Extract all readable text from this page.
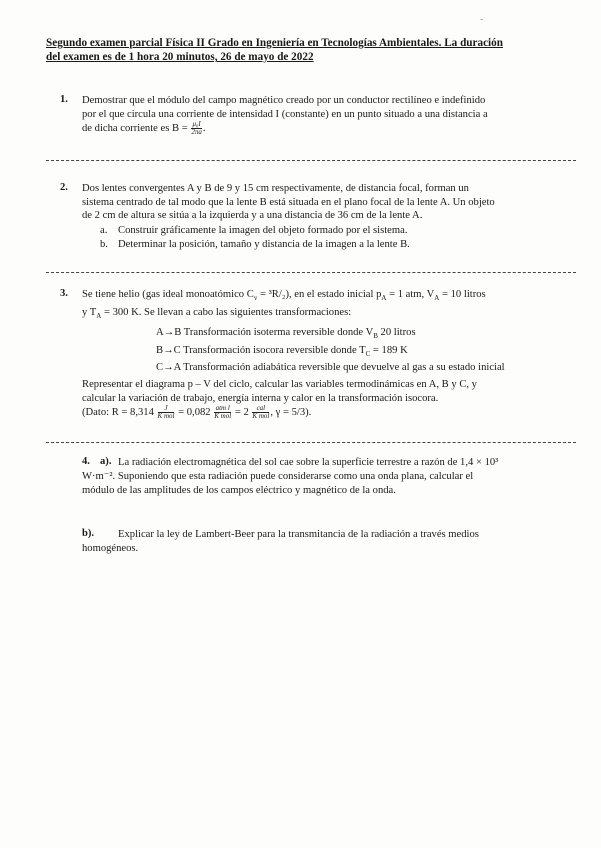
-
Segundo examen parcial Física II Grado en Ingeniería en Tecnologías Ambientales. La duración
del examen es de 1 hora 20 minutos, 26 de mayo de 2022
1. Demostrar que el módulo del campo magnético creado por un conductor rectilíneo e indefinido
por el que circula una corriente de intensidad I (constante) en un punto situado a una distancia a
de dicha corriente es $B = \frac{\text{μ₀I}}{2\pi a}$ .
2. Dos lentes convergentes A y B de 9 y 15 cm respectivamente, de distancia focal, forman un
sistema centrado de tal modo que la lente B está situada en el plano focal de la lente A. Un objeto
de 2 cm de altura se sitúa a la izquierda y a una distancia de 36 cm de la lente A.
a. Construir gráficamente la imagen del objeto formado por el sistema.
b. Determinar la posición, tamaño y distancia de la imagen a la lente B.
3. Se tiene helio (gas ideal monoatómico $C_v = ^3R/_2$), en el estado inicial $p_A = 1$ atm, $V_A = 10$ litros
y $T_A = 300$ K. Se llevan a cabo las siguientes transformaciones:
A→B Transformación isoterma reversible donde $V_B$ 20 litros
B→C Transformación isocora reversible donde $T_C = 189$ K
C→A Transformación adiabática reversible que devuelve al gas a su estado inicial
Representar el diagrama p – V del ciclo, calcular las variables termodinámicas en A, B y C, y
calcular la variación de trabajo, energía interna y calor en la transformación isocora.
(Dato: $R = 8,314 \frac{J}{\text{K mol}} = 0,082 \frac{\text{atm l}}{\text{K mol}} = 2 \frac{\text{cal}}{\text{K mol}}$ , γ = 5/3).
4. a). La radiación electromagnética del sol cae sobre la superficie terrestre a razón de 1,4 × 10³
W·m⁻². Suponiendo que esta radiación puede considerarse como una onda plana, calcular el
módulo de las amplitudes de los campos eléctrico y magnético de la onda.
b). Explicar la ley de Lambert-Beer para la transmitancia de la radiación a través medios
homogéneos.
